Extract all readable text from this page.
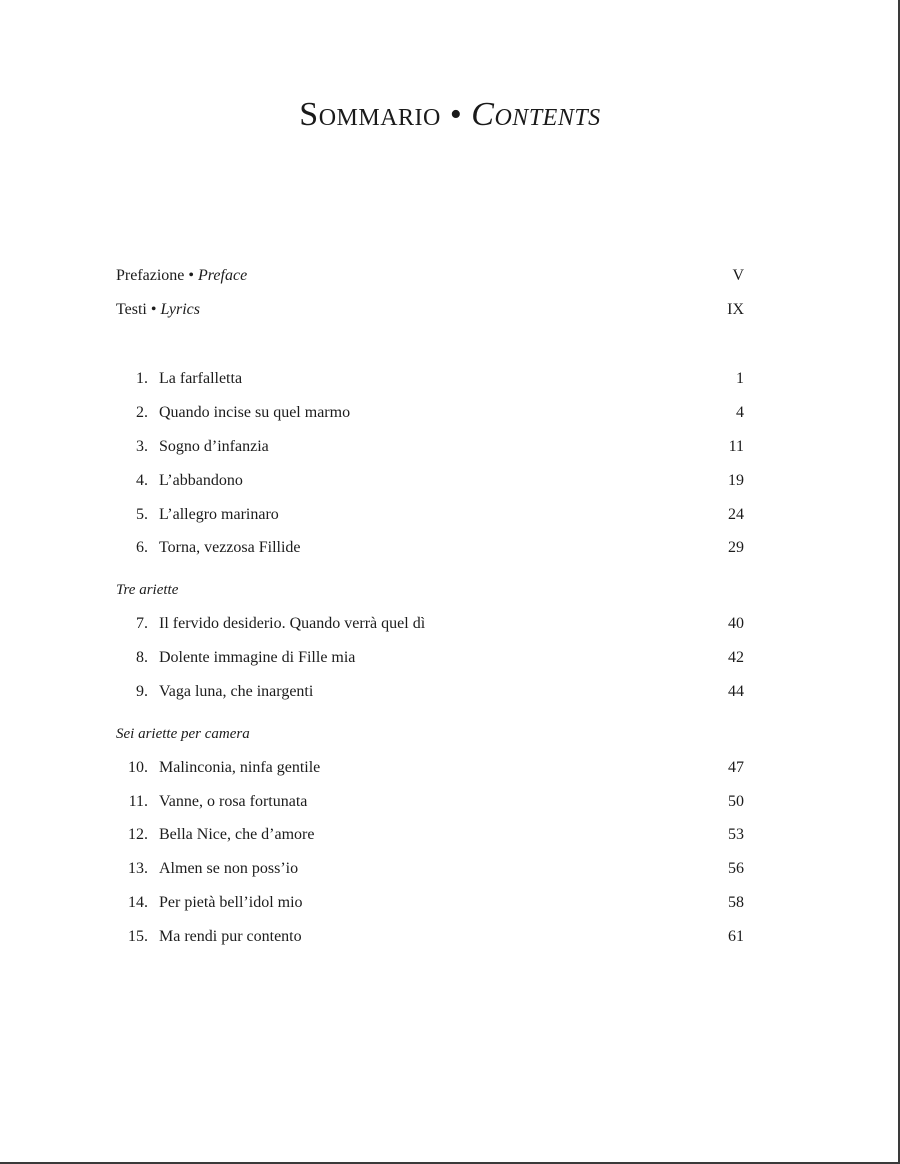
Sommario • Contents
Prefazione • Preface	V
Testi • Lyrics	IX
1. La farfalletta	1
2. Quando incise su quel marmo	4
3. Sogno d’infanzia	11
4. L’abbandono	19
5. L’allegro marinaro	24
6. Torna, vezzosa Fillide	29
Tre ariette
7. Il fervido desiderio. Quando verrà quel dì	40
8. Dolente immagine di Fille mia	42
9. Vaga luna, che inargenti	44
Sei ariette per camera
10. Malinconia, ninfa gentile	47
11. Vanne, o rosa fortunata	50
12. Bella Nice, che d’amore	53
13. Almen se non poss’io	56
14. Per pietà bell’idol mio	58
15. Ma rendi pur contento	61
